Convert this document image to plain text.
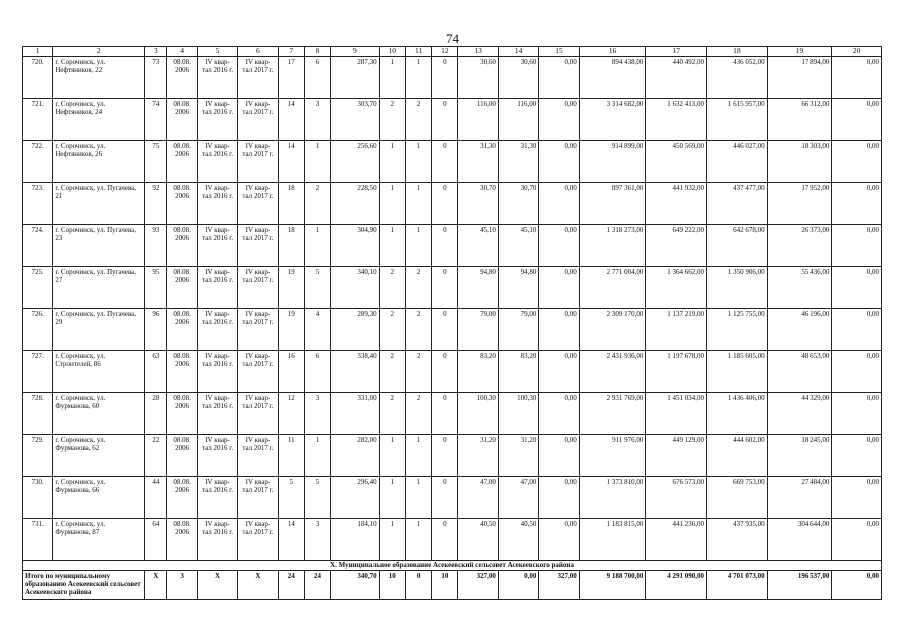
74
1	2	3	4	5	6	7	8	9	10	11	12	13	14	15	16	17	18	19	20
720.	г. Сорочинск, ул. Нефтяников, 22	73	08.08. 2006	IV квар- тал 2016 г.	IV квар- тал 2017 г.	17	6	287,30	1	1	0	30,60	30,60	0,00	894 438,00	440 492,00	436 052,00	17 894,00	0,00
721.	г. Сорочинск, ул. Нефтяников, 24	74	08.08. 2006	IV квар- тал 2016 г.	IV квар- тал 2017 г.	14	3	303,70	2	2	0	116,00	116,00	0,00	3 314 682,00	1 632 413,00	1 615 957,00	66 312,00	0,00
722.	г. Сорочинск, ул. Нефтяников, 26	75	08.08. 2006	IV квар- тал 2016 г.	IV квар- тал 2017 г.	14	1	256,60	1	1	0	31,30	31,30	0,00	914 899,00	450 569,00	446 027,00	18 303,00	0,00
723.	г. Сорочинск, ул. Пугачева, 21	92	08.08. 2006	IV квар- тал 2016 г.	IV квар- тал 2017 г.	18	2	228,50	1	1	0	30,70	30,70	0,00	897 361,00	441 932,00	437 477,00	17 952,00	0,00
724.	г. Сорочинск, ул. Пугачева, 23	93	08.08. 2006	IV квар- тал 2016 г.	IV квар- тал 2017 г.	18	1	304,90	1	1	0	45,10	45,10	0,00	1 318 273,00	649 222,00	642 678,00	26 373,00	0,00
725.	г. Сорочинск, ул. Пугачева, 27	95	08.08. 2006	IV квар- тал 2016 г.	IV квар- тал 2017 г.	19	5	340,10	2	2	0	94,80	94,80	0,00	2 771 004,00	1 364 662,00	1 350 906,00	55 436,00	0,00
726.	г. Сорочинск, ул. Пугачева, 29	96	08.08. 2006	IV квар- тал 2016 г.	IV квар- тал 2017 г.	19	4	289,30	2	2	0	79,00	79,00	0,00	2 309 170,00	1 137 219,00	1 125 755,00	46 196,00	0,00
727.	г. Сорочинск, ул. Строителей, 86	63	08.08. 2006	IV квар- тал 2016 г.	IV квар- тал 2017 г.	16	6	338,40	2	2	0	83,20	83,20	0,00	2 431 936,00	1 197 678,00	1 185 605,00	48 653,00	0,00
728.	г. Сорочинск, ул. Фурманова, 60	28	08.08. 2006	IV квар- тал 2016 г.	IV квар- тал 2017 г.	12	3	331,00	2	2	0	100,30	100,30	0,00	2 931 769,00	1 451 034,00	1 436 406,00	44 329,00	0,00
729.	г. Сорочинск, ул. Фурманова, 62	22	08.08. 2006	IV квар- тал 2016 г.	IV квар- тал 2017 г.	11	1	282,00	1	1	0	31,20	31,20	0,00	911 976,00	449 129,00	444 602,00	18 245,00	0,00
730.	г. Сорочинск, ул. Фурманова, 66	44	08.08. 2006	IV квар- тал 2016 г.	IV квар- тал 2017 г.	5	5	296,40	1	1	0	47,00	47,00	0,00	1 373 810,00	676 573,00	669 753,00	27 484,00	0,00
731.	г. Сорочинск, ул. Фурманова, 87	64	08.08. 2006	IV квар- тал 2016 г.	IV квар- тал 2017 г.	14	3	184,10	1	1	0	40,50	40,50	0,00	1 183 815,00	441 236,00	437 935,00	304 644,00	0,00
X. Муниципальное образование Асекеевский сельсовет Асекеевского района																			
Итого по муниципальному образованию Асекеевский сельсовет Асекеевского района		X	3	X	X	24	24	340,70	10	0	10	327,00	0,00	327,00	9 188 700,00	4 291 090,00	4 701 073,00	196 537,00	0,00
